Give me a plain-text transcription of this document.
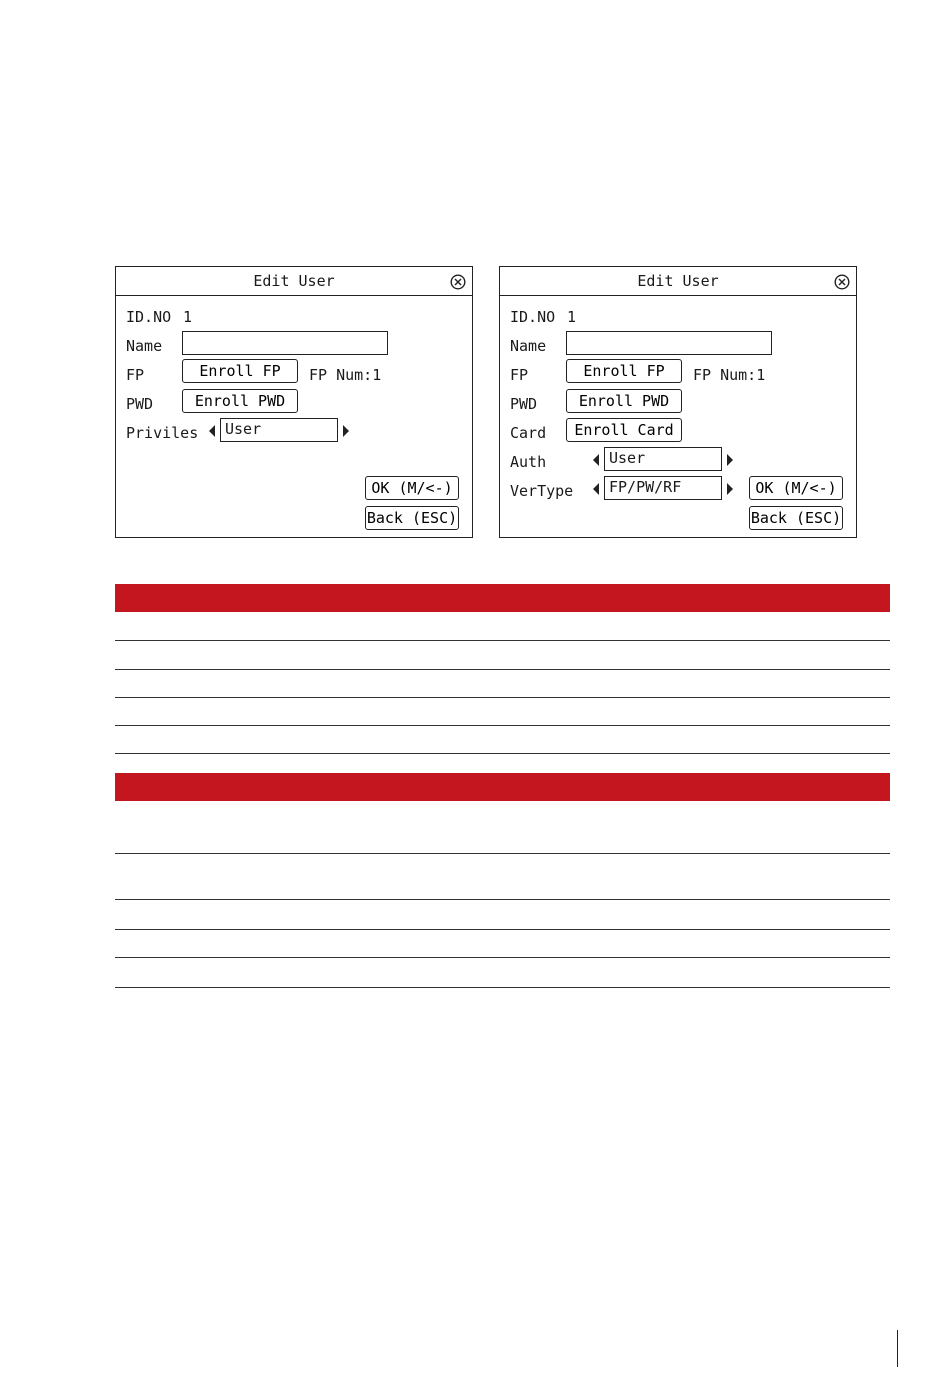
Edit User
ID.NO 1
Name
FP	Enroll FP	FP Num:1
PWD	Enroll PWD
Priviles	User
OK (M/<-)
Back (ESC)
Edit User
ID.NO 1
Name
FP	Enroll FP	FP Num:1
PWD	Enroll PWD
Card	Enroll Card
Auth	User
VerType	FP/PW/RF	OK (M/<-)
Back (ESC)
